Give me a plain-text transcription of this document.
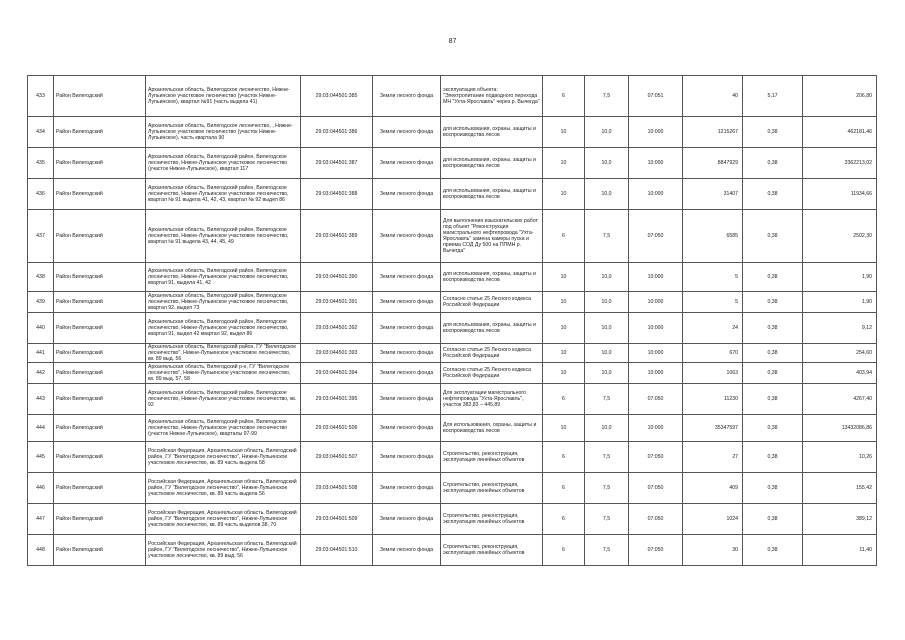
87
433	Район Вилегодский	Архангельская область, Вилегодское лесничество, Нижне-Лупьинское участковое лесничество (участок Нижне-Лупьинское), квартал №91 (часть выдела 41)	29:03:044501:385	Земли лесного фонда	эксплуатация объекта: "Электропитание подводного перехода МН "Ухта-Ярославль" через р. Вычегда"	6	7,5	07:051	40	5,17	206,80
434	Район Вилегодский	Архангельская область, Вилегодское лесничество, , Нижне-Лупьинское участковое лесничество (участок Нижне-Лупьинское), часть квартала 90	29:03:044501:386	Земли лесного фонда	для использования, охраны, защиты и воспроизводства лесов	10	10,0	10:000	1215267	0,38	462181,46
435	Район Вилегодский	Архангельская область, Вилегодский район, Вилегодское лесничество, Нижне-Лупьинское участковое лесничество (участок Нижне-Лупьинское), квартал 117	29:03:044501:387	Земли лесного фонда	для использования, охраны, защиты и воспроизводства лесов	10	10,0	10:000	8847929	0,38	3362213,02
436	Район Вилегодский	Архангельская область, Вилегодский район, Вилегодское лесничество, Нижне-Лупьинское участковое лесничество, квартал № 91 выдела 41, 42, 43, квартал № 92 выдел 86	29:03:044501:388	Земли лесного фонда	для использования, охраны, защиты и воспроизводства лесов	10	10,0	10:000	31407	0,38	11934,66
437	Район Вилегодский	Архангельская область, Вилегодский район, Вилегодское лесничество, Нижне-Лупьинское участковое лесничество, квартал № 91 выдела 43, 44, 45, 49	29:03:044501:389	Земли лесного фонда	Для выполнения изыскательских работ под объект "Реконструкция магистрального нефтепровода "Ухта-Ярославль" замена камеры пуска и приема СОД Ду 500 на ППМН р. Вычегда"	6	7,5	07:050	6585	0,38	2502,30
438	Район Вилегодский	Архангельская область, Вилегодский район, Вилегодское лесничество, Нижне-Лупьинское участковое лесничество, квартал 91, выдела 41, 42	29:03:044501:390	Земли лесного фонда	для использования, охраны, защиты и воспроизводства лесов	10	10,0	10:000	5	0,38	1,90
439	Район Вилегодский	Архангельская область, Вилегодский район, Вилегодское лесничество, Нижне-Лупьинское участковое лесничество, квартал 92, выдел 73	29:03:044501:391	Земли лесного фонда	Согласно статье 25 Лесного кодекса Российской Федерации	10	10,0	10:000	5	0,38	1,90
440	Район Вилегодский	Архангельская область, Вилегодский район, Вилегодское лесничество, Нижне-Лупьинское участковое лесничество, квартал 91, выдел 42 квартал 92, выдел 86	29:03:044501:392	Земли лесного фонда	для использования, охраны, защиты и воспроизводства лесов	10	10,0	10:000	24	0,38	9,12
441	Район Вилегодский	Архангельская область, Вилегодский район, ГУ "Вилегодское лесничество", Нижне-Лупьинское участковое лесничество, кв. 89 выд. 56	29:03:044501:393	Земли лесного фонда	Согласно статье 25 Лесного кодекса Российской Федерации	10	10,0	10:000	670	0,38	254,60
442	Район Вилегодский	Архангельская область, Вилегодский р-н, ГУ "Вилегодское лесничество", Нижне-Лупьинское участковое лесничество, кв. 89 выд. 57, 58	29:03:044501:394	Земли лесного фонда	Согласно статье 25 Лесного кодекса Российской Федерации	10	10,0	10:000	1063	0,38	403,94
443	Район Вилегодский	Архангельская область, Вилегодский район, Вилегодское лесничество, Нижне-Лупьинское участковое лесничество, кв. 92	29:03:044501:395	Земли лесного фонда	Для эксплуатации магистрального нефтепровода "Ухта-Ярославль", участок 382,83 – 445,89	6	7,5	07:050	11230	0,38	4267,40
444	Район Вилегодский	Архангельская область, Вилегодский район, Вилегодское лесничество, Нижне-Лупьинское участковое лесничество (участок Нижне-Лупьинское), кварталы 97-99	29:03:044501:506	Земли лесного фонда	Для использования, охраны, защиты и воспроизводства лесов	10	10,0	10:000	35347597	0,38	13432086,86
445	Район Вилегодский	Российская Федерация, Архангельская область, Вилегодский район, ГУ "Вилегодское лесничество", Нижне-Лупьинское участковое лесничество, кв. 89 часть выдела 58	29:03:044501:507	Земли лесного фонда	Строительство, реконструкция, эксплуатация линейных объектов	6	7,5	07:050	27	0,38	10,26
446	Район Вилегодский	Российская Федерация, Архангельская область, Вилегодский район, ГУ "Вилегодское лесничество", Нижне-Лупьинское участковое лесничество, кв. 89 часть выдела 56	29:03:044501:508	Земли лесного фонда	Строительство, реконструкция, эксплуатация линейных объектов	6	7,5	07:050	409	0,38	155,42
447	Район Вилегодский	Российская Федерация, Архангельская область, Вилегодский район, ГУ "Вилегодское лесничество", Нижне-Лупьинское участковое лесничество, кв. 89 часть выделов 38, 70	29:03:044501:509	Земли лесного фонда	Строительство, реконструкция, эксплуатация линейных объектов	6	7,5	07:050	1024	0,38	389,12
448	Район Вилегодский	Российская Федерация, Архангельская область, Вилегодский район, ГУ "Вилегодское лесничество", Нижне-Лупьинское участковое лесничество, кв. 89 выд. 56	29:03:044501:510	Земли лесного фонда	Строительство, реконструкция, эксплуатация линейных объектов	6	7,5	07:050	30	0,38	11,40
